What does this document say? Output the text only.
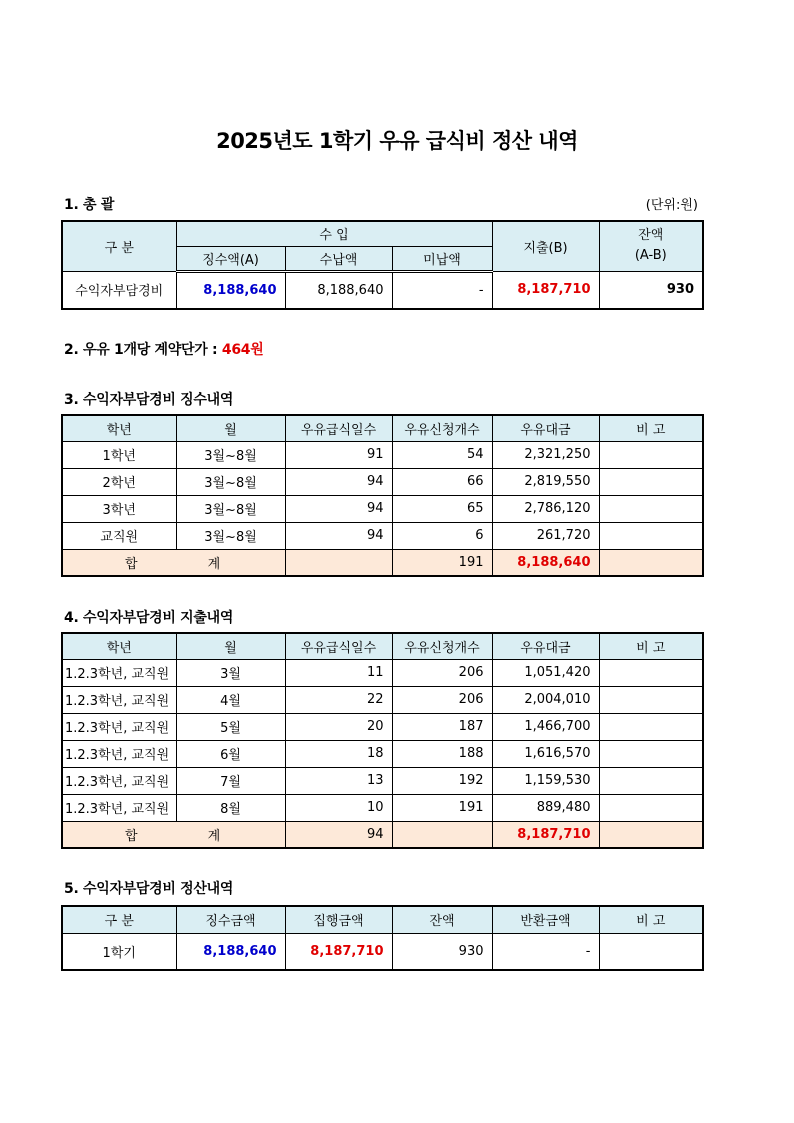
2025년도 1학기 우유 급식비 정산 내역
1. 총 괄	(단위:원)
구 분	수 입			지출(B)	잔액
(A-B)

	징수액(A)	수납액	미납액		
수익자부담경비	8,188,640	8,188,640	-	8,187,710	930
2. 우유 1개당 계약단가 : 464원
3. 수익자부담경비 징수내역
학년	월	우유급식일수	우유신청개수	우유대금	비 고
1학년	3월~8월	91	54	2,321,250	
2학년	3월~8월	94	66	2,819,550	
3학년	3월~8월	94	65	2,786,120	
교직원	3월~8월	94	6	261,720	
합 계			191	8,188,640	
4. 수익자부담경비 지출내역
학년	월	우유급식일수	우유신청개수	우유대금	비 고
1.2.3학년, 교직원	3월	11	206	1,051,420	
1.2.3학년, 교직원	4월	22	206	2,004,010	
1.2.3학년, 교직원	5월	20	187	1,466,700	
1.2.3학년, 교직원	6월	18	188	1,616,570	
1.2.3학년, 교직원	7월	13	192	1,159,530	
1.2.3학년, 교직원	8월	10	191	889,480	
합 계		94		8,187,710	
5. 수익자부담경비 정산내역
구 분	징수금액	집행금액	잔액	반환금액	비 고
1학기	8,188,640	8,187,710	930	-	
